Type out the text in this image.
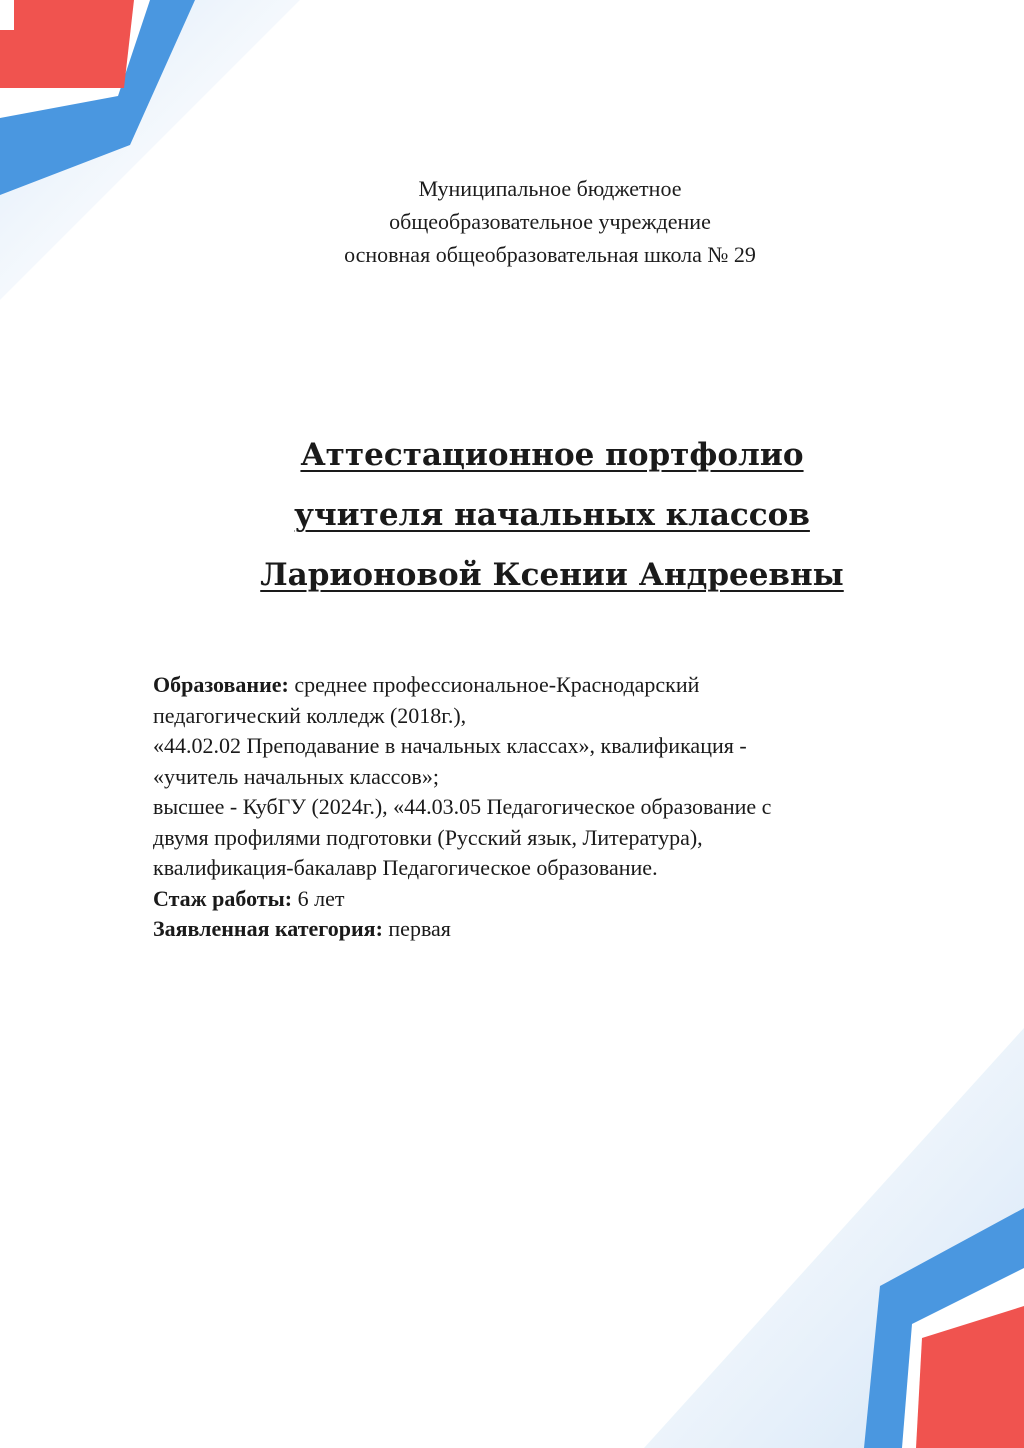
Муниципальное бюджетное
общеобразовательное учреждение
основная общеобразовательная школа № 29
Аттестационное портфолио
учителя начальных классов
Ларионовой Ксении Андреевны
Образование: среднее профессиональное-Краснодарский
педагогический колледж (2018г.),
«44.02.02 Преподавание в начальных классах», квалификация -
«учитель начальных классов»;
высшее - КубГУ (2024г.), «44.03.05 Педагогическое образование с
двумя профилями подготовки (Русский язык, Литература),
квалификация-бакалавр Педагогическое образование.
Стаж работы: 6 лет
Заявленная категория: первая
